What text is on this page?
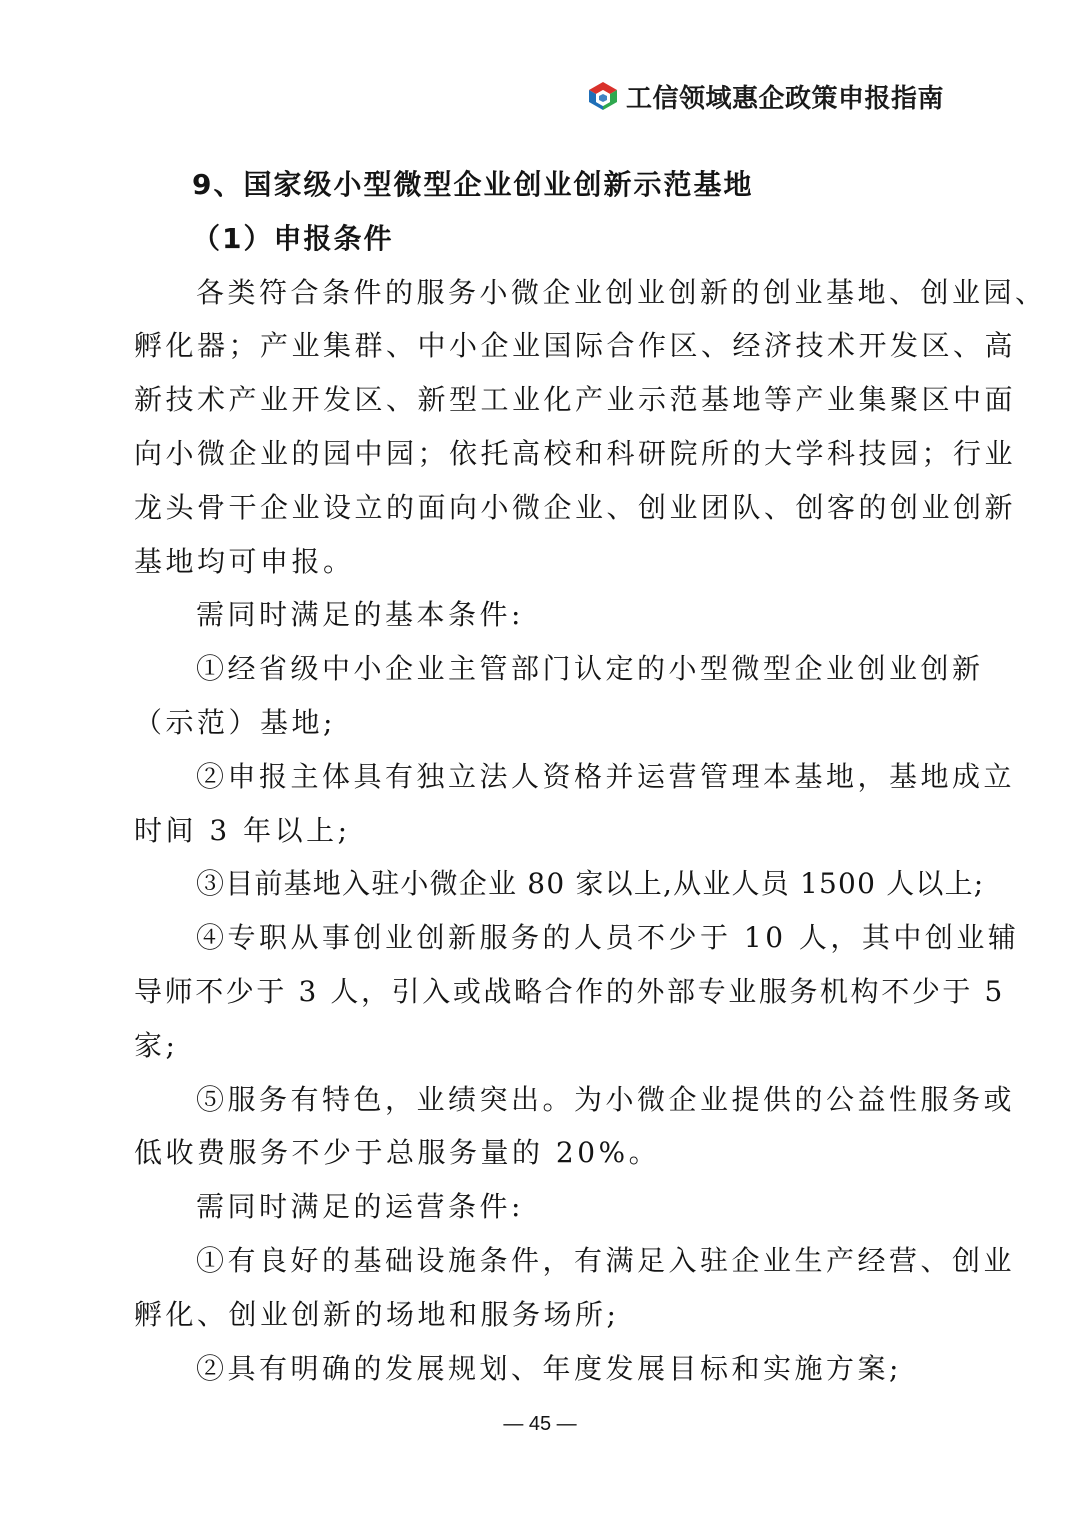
工信领域惠企政策申报指南
9、国家级小型微型企业创业创新示范基地
（1）申报条件
各类符合条件的服务小微企业创业创新的创业基地、创业园、
孵化器；产业集群、中小企业国际合作区、经济技术开发区、高
新技术产业开发区、新型工业化产业示范基地等产业集聚区中面
向小微企业的园中园；依托高校和科研院所的大学科技园；行业
龙头骨干企业设立的面向小微企业、创业团队、创客的创业创新
基地均可申报。
需同时满足的基本条件:
①经省级中小企业主管部门认定的小型微型企业创业创新
（示范）基地;
②申报主体具有独立法人资格并运营管理本基地，基地成立
时间 3 年以上;
③目前基地入驻小微企业 80 家以上,从业人员 1500 人以上;
④专职从事创业创新服务的人员不少于 10 人，其中创业辅
导师不少于 3 人，引入或战略合作的外部专业服务机构不少于 5
家;
⑤服务有特色，业绩突出。为小微企业提供的公益性服务或
低收费服务不少于总服务量的 20%。
需同时满足的运营条件:
①有良好的基础设施条件，有满足入驻企业生产经营、创业
孵化、创业创新的场地和服务场所;
②具有明确的发展规划、年度发展目标和实施方案;
— 45 —
